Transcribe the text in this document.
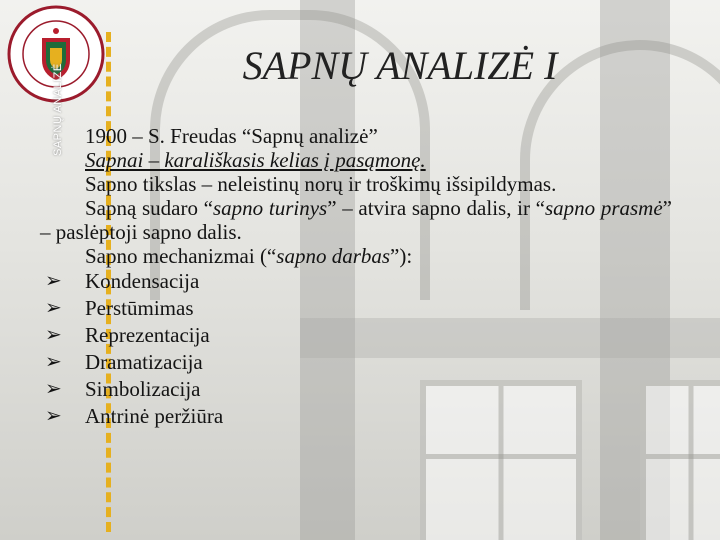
SAPNŲ ANALIZĖ	SAPNŲ ANALIZĖ I

1900 – S. Freudas “Sapnų analizė”

Sapnai – karališkasis kelias į pasąmonę.

Sapno tikslas – neleistinų norų ir troškimų išsipildymas.

Sapną sudaro “sapno turinys” – atvira sapno dalis, ir “sapno prasmė” – paslėptoji sapno dalis.

Sapno mechanizmai (“sapno darbas”):

➢ Kondensacija
➢ Perstūmimas
➢ Reprezentacija
➢ Dramatizacija
➢ Simbolizacija
➢ Antrinė peržiūra
